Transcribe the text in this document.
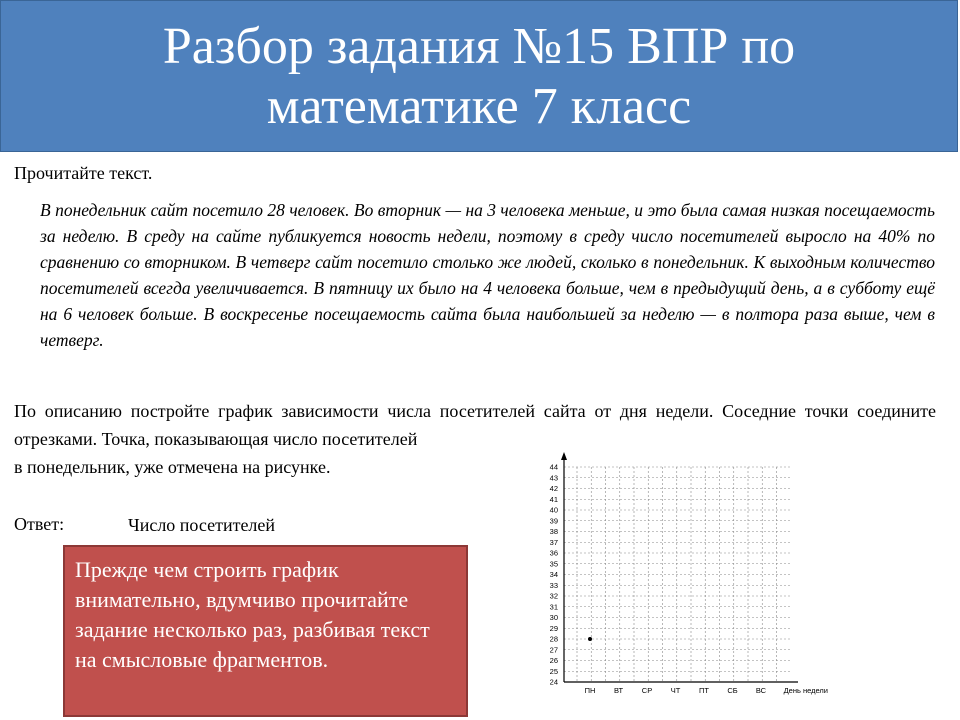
Разбор задания №15 ВПР по
математике 7 класс
Прочитайте текст.
В понедельник сайт посетило 28 человек. Во вторник — на 3 человека меньше, и это была самая низкая посещаемость за неделю. В среду на сайте публикуется новость недели, поэтому в среду число посетителей выросло на 40% по сравнению со вторником. В четверг сайт посетило столько же людей, сколько в понедельник. К выходным количество посетителей всегда увеличивается. В пятницу их было на 4 человека больше, чем в предыдущий день, а в субботу ещё на 6 человек больше. В воскресенье посещаемость сайта была наибольшей за неделю — в полтора раза выше, чем в четверг.
По описанию постройте график зависимости числа посетителей сайта от дня недели. Соседние точки соедините отрезками. Точка, показывающая число посетителей
в понедельник, уже отмечена на рисунке.
Ответ:	Число посетителей
24
25
26
27
28
29
30
31
32
33
34
35
36
37
38
39
40
41
42
43
44
ПН ВТ СР ЧТ ПТ СБ ВС День недели
Прежде чем строить график внимательно, вдумчиво прочитайте задание несколько раз, разбивая текст на смысловые фрагментов.
